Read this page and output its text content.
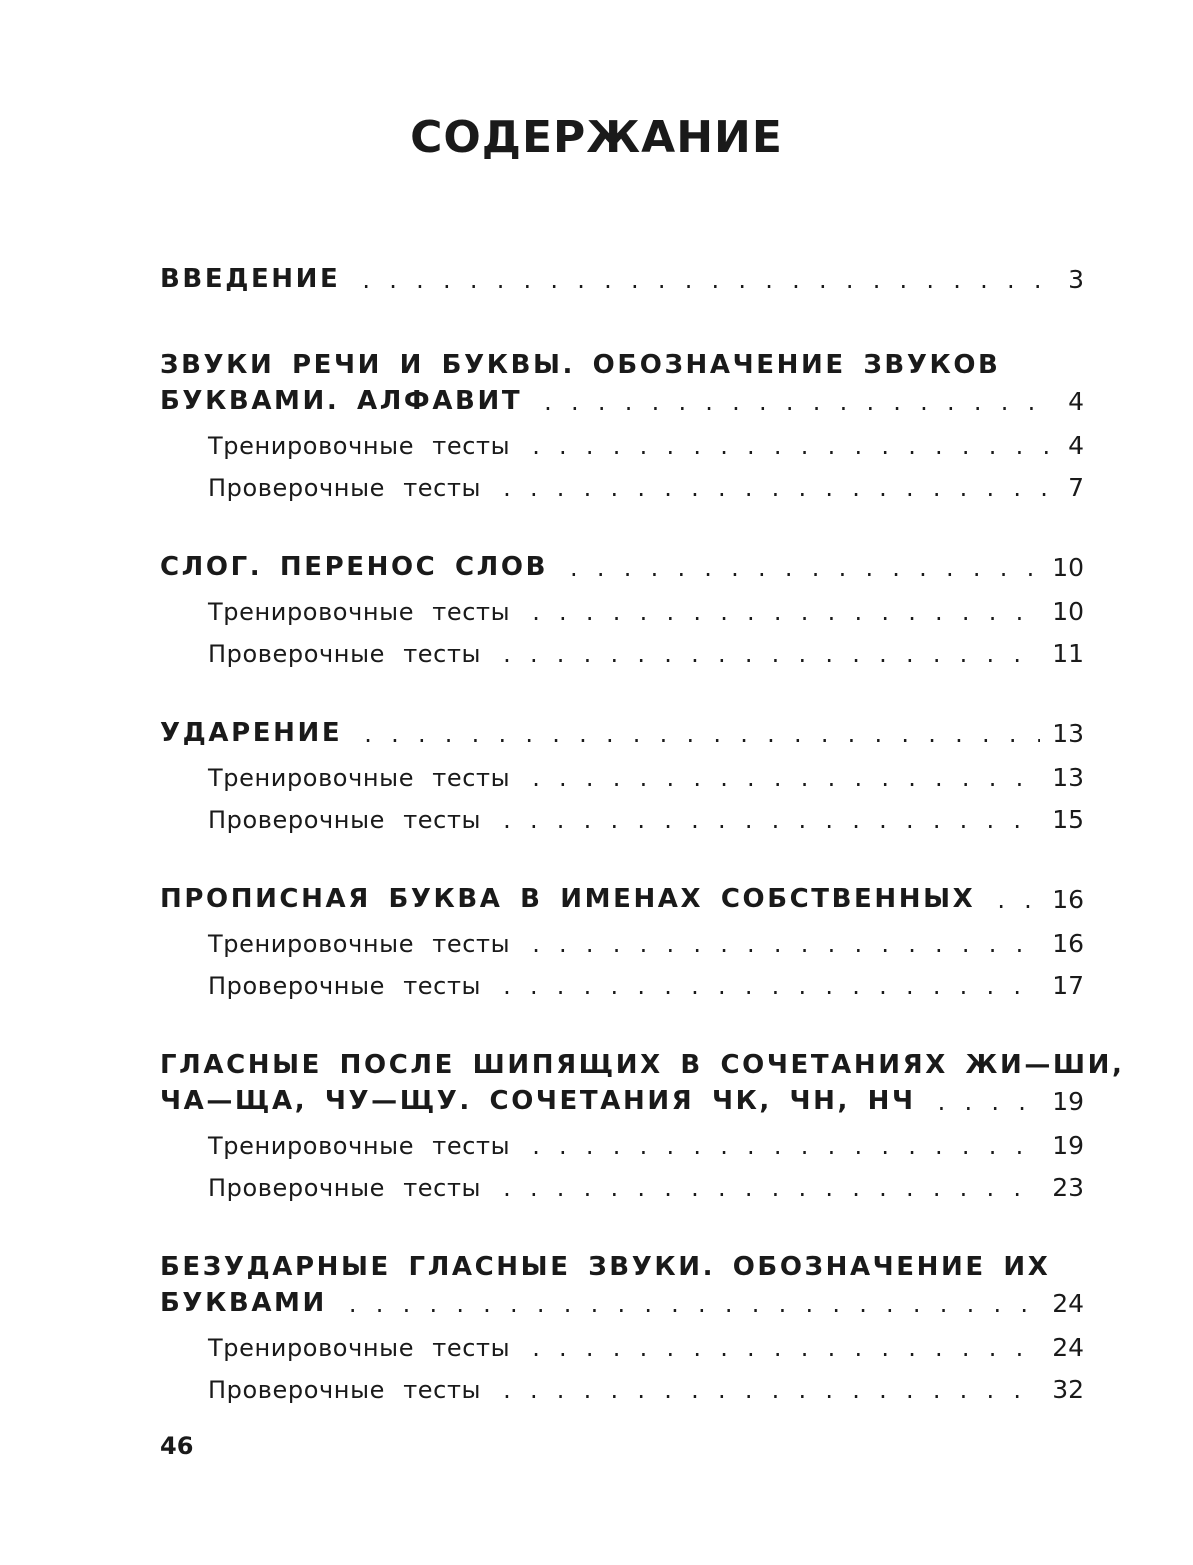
СОДЕРЖАНИЕ
ВВЕДЕНИЕ . . .	3
ЗВУКИ РЕЧИ И БУКВЫ. ОБОЗНАЧЕНИЕ ЗВУКОВ
БУКВАМИ. АЛФАВИТ . . .	4
Тренировочные тесты . . .	4
Проверочные тесты . . .	7
СЛОГ. ПЕРЕНОС СЛОВ . . .	10
Тренировочные тесты . . .	10
Проверочные тесты . . .	11
УДАРЕНИЕ . . .	13
Тренировочные тесты . . .	13
Проверочные тесты . . .	15
ПРОПИСНАЯ БУКВА В ИМЕНАХ СОБСТВЕННЫХ . . .	16
Тренировочные тесты . . .	16
Проверочные тесты . . .	17
ГЛАСНЫЕ ПОСЛЕ ШИПЯЩИХ В СОЧЕТАНИЯХ ЖИ—ШИ,
ЧА—ЩА, ЧУ—ЩУ. СОЧЕТАНИЯ ЧК, ЧН, НЧ . . .	19
Тренировочные тесты . . .	19
Проверочные тесты . . .	23
БЕЗУДАРНЫЕ ГЛАСНЫЕ ЗВУКИ. ОБОЗНАЧЕНИЕ ИХ
БУКВАМИ . . .	24
Тренировочные тесты . . .	24
Проверочные тесты . . .	32
46
